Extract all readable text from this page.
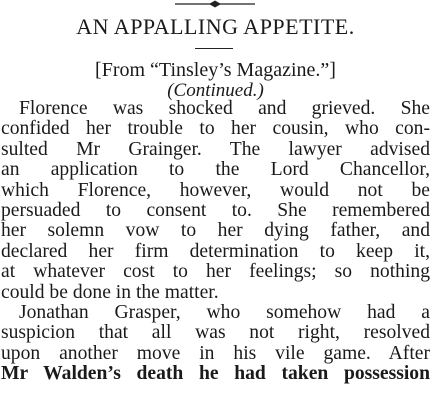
AN APPALLING APPETITE.
[From “Tinsley’s Magazine.”]
(Continued.)
Florence was shocked and grieved. She
confided her trouble to her cousin, who con-
sulted Mr Grainger. The lawyer advised
an application to the Lord Chancellor,
which Florence, however, would not be
persuaded to consent to. She remembered
her solemn vow to her dying father, and
declared her firm determination to keep it,
at whatever cost to her feelings; so nothing
could be done in the matter.
Jonathan Grasper, who somehow had a
suspicion that all was not right, resolved
upon another move in his vile game. After
Mr Walden’s death he had taken possession
